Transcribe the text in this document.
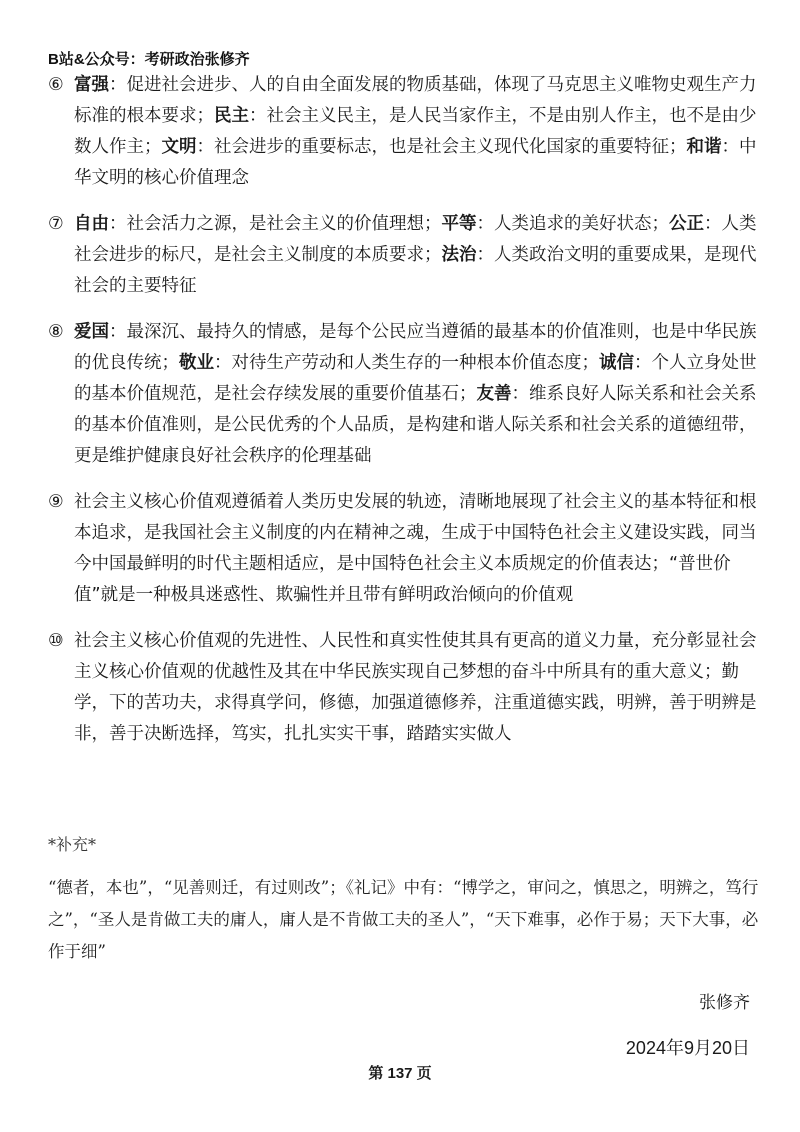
B站&公众号：考研政治张修齐
⑥ 富强：促进社会进步、人的自由全面发展的物质基础，体现了马克思主义唯物史观生产力标准的根本要求；民主：社会主义民主，是人民当家作主，不是由别人作主，也不是由少数人作主；文明：社会进步的重要标志，也是社会主义现代化国家的重要特征；和谐：中华文明的核心价值理念
⑦ 自由：社会活力之源，是社会主义的价值理想；平等：人类追求的美好状态；公正：人类社会进步的标尺，是社会主义制度的本质要求；法治：人类政治文明的重要成果，是现代社会的主要特征
⑧ 爱国：最深沉、最持久的情感，是每个公民应当遵循的最基本的价值准则，也是中华民族的优良传统；敬业：对待生产劳动和人类生存的一种根本价值态度；诚信：个人立身处世的基本价值规范，是社会存续发展的重要价值基石；友善：维系良好人际关系和社会关系的基本价值准则，是公民优秀的个人品质，是构建和谐人际关系和社会关系的道德纽带，更是维护健康良好社会秩序的伦理基础
⑨ 社会主义核心价值观遵循着人类历史发展的轨迹，清晰地展现了社会主义的基本特征和根本追求，是我国社会主义制度的内在精神之魂，生成于中国特色社会主义建设实践，同当今中国最鲜明的时代主题相适应，是中国特色社会主义本质规定的价值表达；“普世价值”就是一种极具迷惑性、欺骗性并且带有鲜明政治倾向的价值观
⑩ 社会主义核心价值观的先进性、人民性和真实性使其具有更高的道义力量，充分彰显社会主义核心价值观的优越性及其在中华民族实现自己梦想的奋斗中所具有的重大意义；勤学，下的苦功夫，求得真学问，修德，加强道德修养，注重道德实践，明辨，善于明辨是非，善于决断选择，笃实，扎扎实实干事，踏踏实实做人
*补充*
“德者，本也”，“见善则迁，有过则改”；《礼记》中有：“博学之，审问之，慎思之，明辨之，笃行之”，“圣人是肯做工夫的庸人，庸人是不肯做工夫的圣人”，“天下难事，必作于易；天下大事，必作于细”
张修齐
2024年9月20日
第 137 页
